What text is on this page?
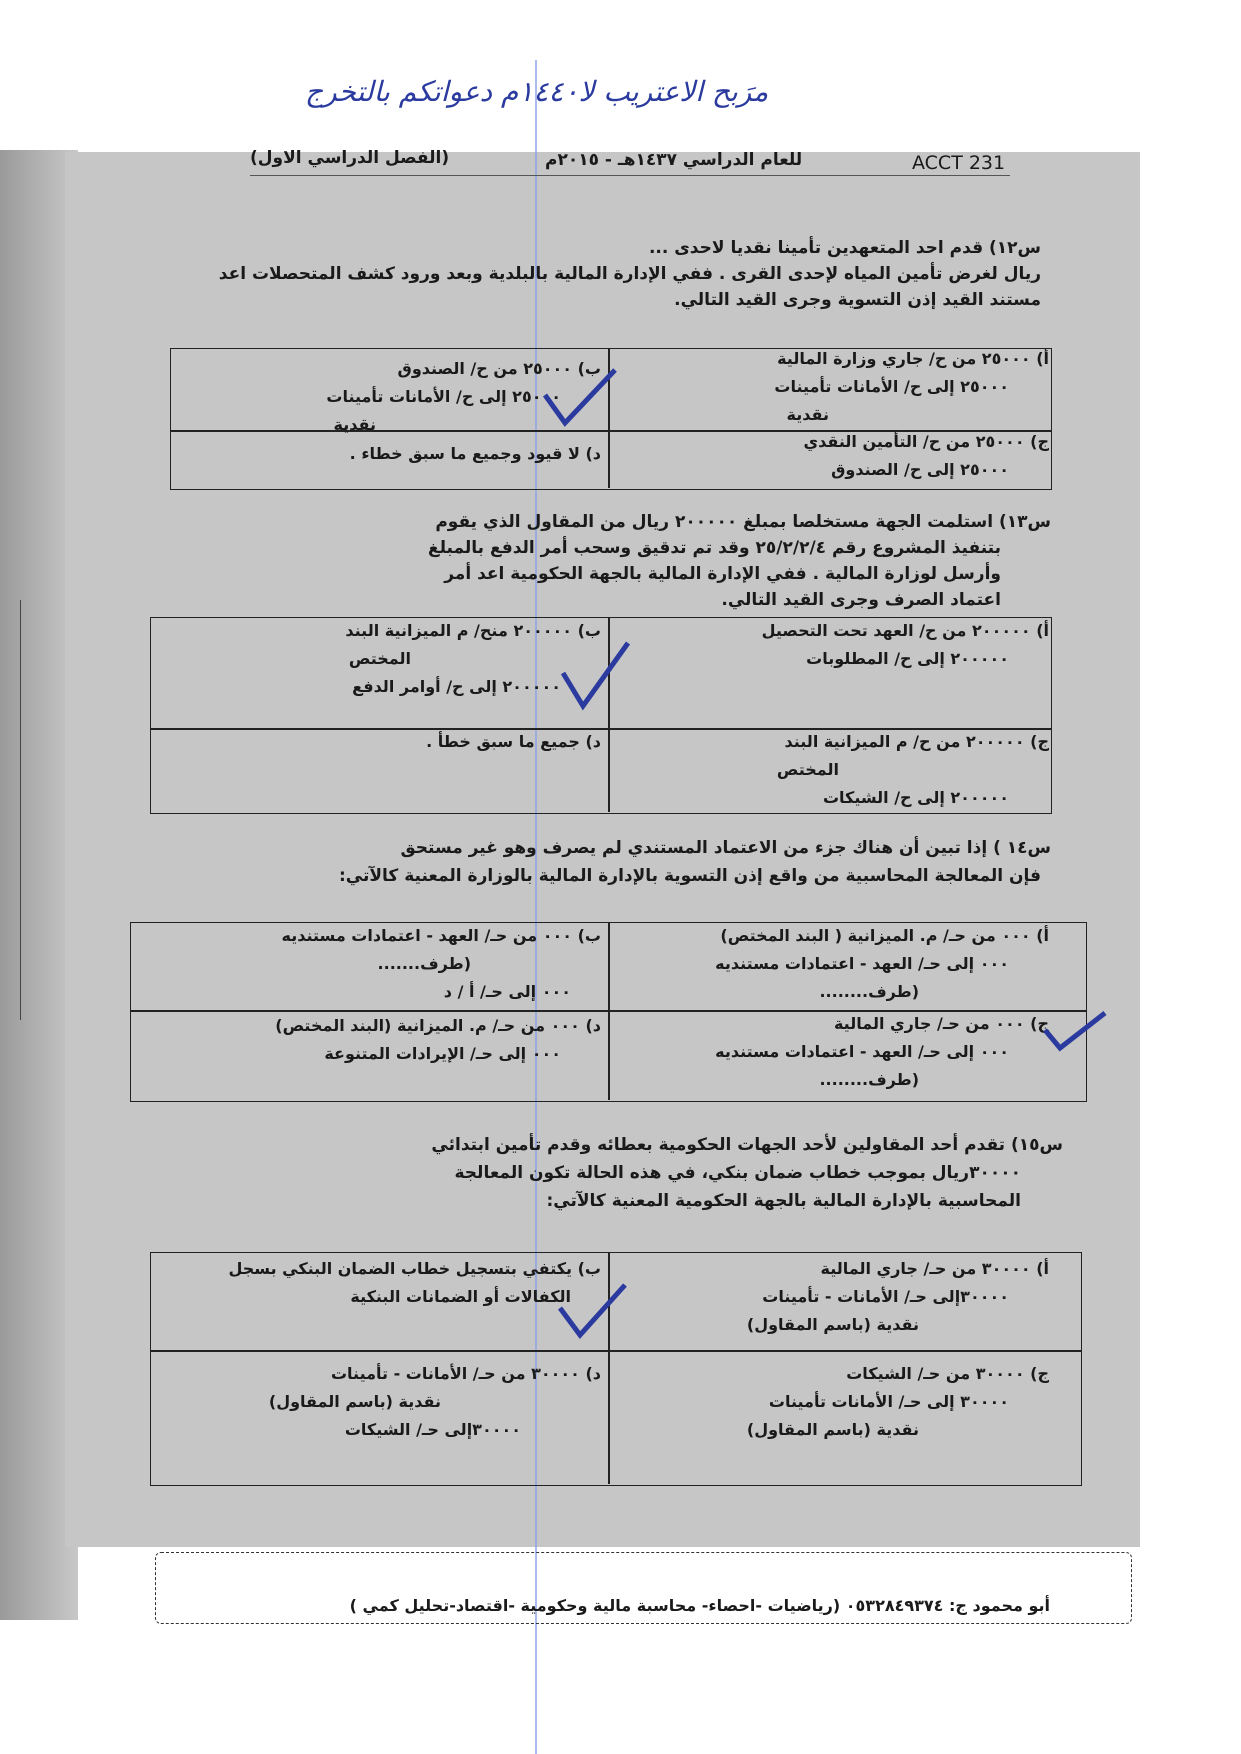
مرَبح الاعتريب لا١٤٤٠م دعواتكم بالتخرج
ACCT 231
للعام الدراسي ١٤٣٧هـ - ٢٠١٥م
(الفصل الدراسي الاول)
س١٢) قدم احد المتعهدين تأمينا نقديا لاحدى ...
ريال لغرض تأمين المياه لإحدى القرى . ففي الإدارة المالية بالبلدية وبعد ورود كشف المتحصلات اعد
مستند القيد إذن التسوية وجرى القيد التالي.
أ) ٢٥٠٠٠ من ح/ جاري وزارة المالية
٢٥٠٠٠ إلى ح/ الأمانات تأمينات
نقدية
ب) ٢٥٠٠٠ من ح/ الصندوق
٢٥٠٠٠ إلى ح/ الأمانات تأمينات
نقدية
ج) ٢٥٠٠٠ من ح/ التأمين النقدي
٢٥٠٠٠ إلى ح/ الصندوق
د) لا قيود وجميع ما سبق خطاء .
س١٣) استلمت الجهة مستخلصا بمبلغ ٢٠٠٠٠٠ ريال من المقاول الذي يقوم
بتنفيذ المشروع رقم ٢٥/٢/٢/٤ وقد تم تدقيق وسحب أمر الدفع بالمبلغ
وأرسل لوزارة المالية . ففي الإدارة المالية بالجهة الحكومية اعد أمر
اعتماد الصرف وجرى القيد التالي.
أ) ٢٠٠٠٠٠ من ح/ العهد تحت التحصيل
٢٠٠٠٠٠ إلى ح/ المطلوبات
ب) ٢٠٠٠٠٠ منح/ م الميزانية البند
المختص
٢٠٠٠٠٠ إلى ح/ أوامر الدفع
ج) ٢٠٠٠٠٠ من ح/ م الميزانية البند
المختص
٢٠٠٠٠٠ إلى ح/ الشيكات
د) جميع ما سبق خطأ .
س١٤ ) إذا تبين أن هناك جزء من الاعتماد المستندي لم يصرف وهو غير مستحق
فإن المعالجة المحاسبية من واقع إذن التسوية بالإدارة المالية بالوزارة المعنية كالآتي:
أ) ٠٠٠ من حـ/ م. الميزانية ( البند المختص)
٠٠٠ إلى حـ/ العهد - اعتمادات مستنديه
(طرف........
ب) ٠٠٠ من حـ/ العهد - اعتمادات مستنديه
(طرف.......
٠٠٠ إلى حـ/ أ / د
ج) ٠٠٠ من حـ/ جاري المالية
٠٠٠ إلى حـ/ العهد - اعتمادات مستنديه
(طرف........
د) ٠٠٠ من حـ/ م. الميزانية (البند المختص)
٠٠٠ إلى حـ/ الإيرادات المتنوعة
س١٥) تقدم أحد المقاولين لأحد الجهات الحكومية بعطائه وقدم تأمين ابتدائي
٣٠٠٠٠ريال بموجب خطاب ضمان بنكي، في هذه الحالة تكون المعالجة
المحاسبية بالإدارة المالية بالجهة الحكومية المعنية كالآتي:
أ) ٣٠٠٠٠ من حـ/ جاري المالية
٣٠٠٠٠إلى حـ/ الأمانات - تأمينات
نقدية (باسم المقاول)
ب) يكتفي بتسجيل خطاب الضمان البنكي بسجل
الكفالات أو الضمانات البنكية
ج) ٣٠٠٠٠ من حـ/ الشيكات
٣٠٠٠٠ إلى حـ/ الأمانات تأمينات
نقدية (باسم المقاول)
د) ٣٠٠٠٠ من حـ/ الأمانات - تأمينات
نقدية (باسم المقاول)
٣٠٠٠٠إلى حـ/ الشيكات
أبو محمود ج: ٠٥٣٢٨٤٩٣٧٤ (رياضيات -احصاء- محاسبة مالية وحكومية -اقتصاد-تحليل كمي )
